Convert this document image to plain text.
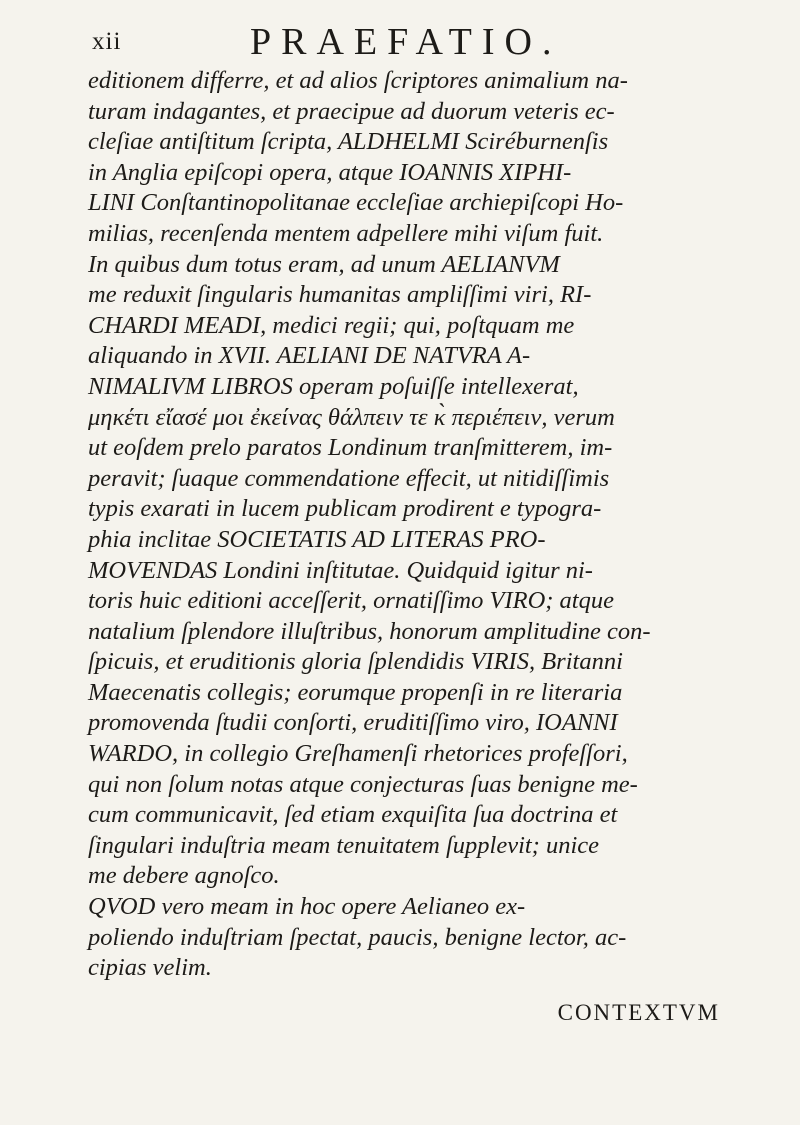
xii	PRAEFATIO.
editionem differre, et ad alios ſcriptores animalium na-
turam indagantes, et praecipue ad duorum veteris ec-
cleſiae antiſtitum ſcripta, ALDHELMI Sciréburnenſis
in Anglia epiſcopi opera, atque IOANNIS XIPHI-
LINI Conſtantinopolitanae eccleſiae archiepiſcopi Ho-
milias, recenſenda mentem adpellere mihi viſum fuit.
In quibus dum totus eram, ad unum AELIANVM
me reduxit ſingularis humanitas ampliſſimi viri, RI-
CHARDI MEADI, medici regii; qui, poſtquam me
aliquando in XVII. AELIANI DE NATVRA A-
NIMALIVM LIBROS operam poſuiſſe intellexerat,
μηκέτι εἴασέ μοι ἐκείνας θάλπειν τε κ̀ περιέπειν, verum
ut eoſdem prelo paratos Londinum tranſmitterem, im-
peravit; ſuaque commendatione effecit, ut nitidiſſimis
typis exarati in lucem publicam prodirent e typogra-
phia inclitae SOCIETATIS AD LITERAS PRO-
MOVENDAS Londini inſtitutae. Quidquid igitur ni-
toris huic editioni acceſſerit, ornatiſſimo VIRO; atque
natalium ſplendore illuſtribus, honorum amplitudine con-
ſpicuis, et eruditionis gloria ſplendidis VIRIS, Britanni
Maecenatis collegis; eorumque propenſi in re literaria
promovenda ſtudii conſorti, eruditiſſimo viro, IOANNI
WARDO, in collegio Greſhamenſi rhetorices profeſſori,
qui non ſolum notas atque conjecturas ſuas benigne me-
cum communicavit, ſed etiam exquiſita ſua doctrina et
ſingulari induſtria meam tenuitatem ſupplevit; unice
me debere agnoſco.
QVOD vero meam in hoc opere Aelianeo ex-
poliendo induſtriam ſpectat, paucis, benigne lector, ac-
cipias velim.
CONTEXTVM
